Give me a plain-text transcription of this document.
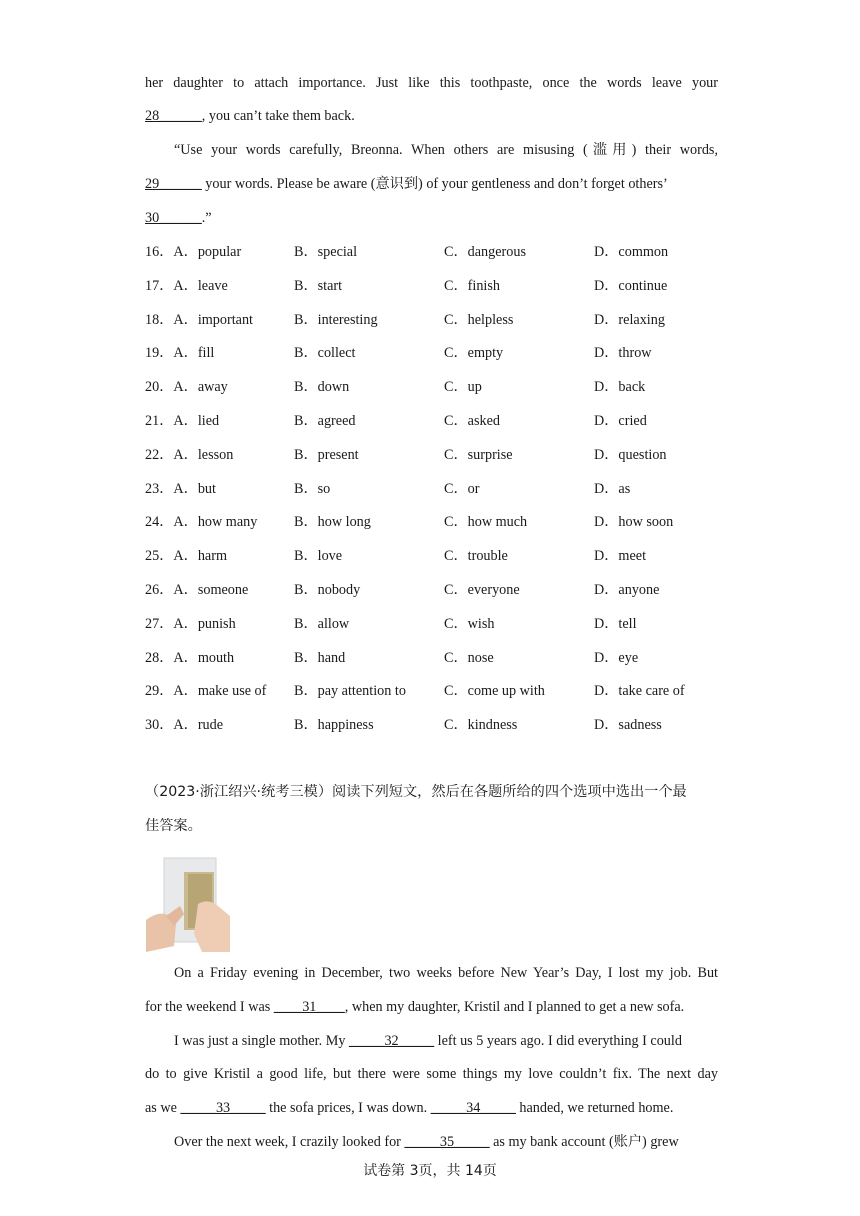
her daughter to attach importance. Just like this toothpaste, once the words leave your
28______, you can’t take them back.
“Use your words carefully, Breonna. When others are misusing (滥用) their words,
29______ your words. Please be aware (意识到) of your gentleness and don’t forget others’
30______.”
16．A．popular	B．special	C．dangerous	D．common
17．A．leave	B．start	C．finish	D．continue
18．A．important	B．interesting	C．helpless	D．relaxing
19．A．fill	B．collect	C．empty	D．throw
20．A．away	B．down	C．up	D．back
21．A．lied	B．agreed	C．asked	D．cried
22．A．lesson	B．present	C．surprise	D．question
23．A．but	B．so	C．or	D．as
24．A．how many	B．how long	C．how much	D．how soon
25．A．harm	B．love	C．trouble	D．meet
26．A．someone	B．nobody	C．everyone	D．anyone
27．A．punish	B．allow	C．wish	D．tell
28．A．mouth	B．hand	C．nose	D．eye
29．A．make use of B．pay attention to	C．come up with	D．take care of
30．A．rude	B．happiness	C．kindness	D．sadness
（2023·浙江绍兴·统考三模）阅读下列短文，然后在各题所给的四个选项中选出一个最
佳答案。
On a Friday evening in December, two weeks before New Year’s Day, I lost my job. But
for the weekend I was ____31____, when my daughter, Kristil and I planned to get a new sofa.
I was just a single mother. My _____32_____ left us 5 years ago. I did everything I could
do to give Kristil a good life, but there were some things my love couldn’t fix. The next day
as we _____33_____ the sofa prices, I was down. _____34_____ handed, we returned home.
Over the next week, I crazily looked for _____35_____ as my bank account (账户) grew
试卷第 3页，共 14页
